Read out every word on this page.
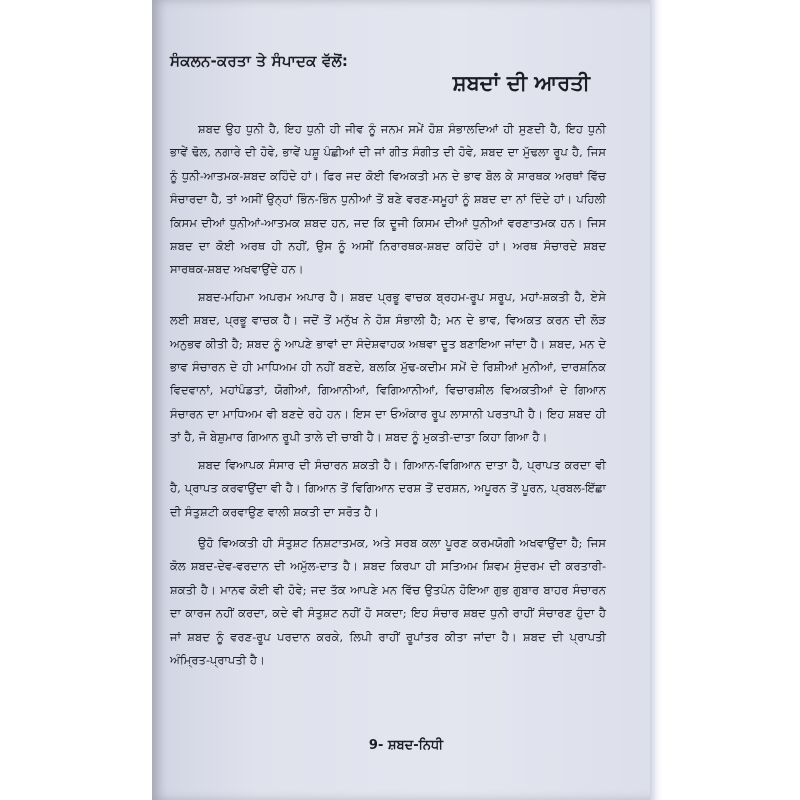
ਸੰਕਲਨ-ਕਰਤਾ ਤੇ ਸੰਪਾਦਕ ਵੱਲੋਂ:
ਸ਼ਬਦਾਂ ਦੀ ਆਰਤੀ

ਸ਼ਬਦ ਉਹ ਧੁਨੀ ਹੈ, ਇਹ ਧੁਨੀ ਹੀ ਜੀਵ ਨੂੰ ਜਨਮ ਸਮੇਂ ਹੋਸ਼ ਸੰਭਾਲਦਿਆਂ ਹੀ ਸੁਣਦੀ ਹੈ, ਇਹ ਧੁਨੀ ਭਾਵੇਂ ਢੋਲ, ਨਗਾਰੇ ਦੀ ਹੋਵੇ, ਭਾਵੇਂ ਪਸ਼ੂ ਪੰਛੀਆਂ ਦੀ ਜਾਂ ਗੀਤ ਸੰਗੀਤ ਦੀ ਹੋਵੇ, ਸ਼ਬਦ ਦਾ ਮੁੱਢਲਾ ਰੂਪ ਹੈ, ਜਿਸ ਨੂੰ ਧੁਨੀ-ਆਤਮਕ-ਸ਼ਬਦ ਕਹਿੰਦੇ ਹਾਂ। ਫਿਰ ਜਦ ਕੋਈ ਵਿਅਕਤੀ ਮਨ ਦੇ ਭਾਵ ਬੋਲ ਕੇ ਸਾਰਥਕ ਅਰਥਾਂ ਵਿੱਚ ਸੰਚਾਰਦਾ ਹੈ, ਤਾਂ ਅਸੀਂ ਉਨ੍ਹਾਂ ਭਿੰਨ-ਭਿੰਨ ਧੁਨੀਆਂ ਤੋਂ ਬਣੇ ਵਰਣ-ਸਮੂਹਾਂ ਨੂੰ ਸ਼ਬਦ ਦਾ ਨਾਂ ਦਿੰਦੇ ਹਾਂ। ਪਹਿਲੀ ਕਿਸਮ ਦੀਆਂ ਧੁਨੀਆਂ-ਆਤਮਕ ਸ਼ਬਦ ਹਨ, ਜਦ ਕਿ ਦੂਜੀ ਕਿਸਮ ਦੀਆਂ ਧੁਨੀਆਂ ਵਰਣਾਤਮਕ ਹਨ। ਜਿਸ ਸ਼ਬਦ ਦਾ ਕੋਈ ਅਰਥ ਹੀ ਨਹੀਂ, ਉਸ ਨੂੰ ਅਸੀਂ ਨਿਰਾਰਥਕ-ਸ਼ਬਦ ਕਹਿੰਦੇ ਹਾਂ। ਅਰਥ ਸੰਚਾਰਦੇ ਸ਼ਬਦ ਸਾਰਥਕ-ਸ਼ਬਦ ਅਖਵਾਉਂਦੇ ਹਨ।

ਸ਼ਬਦ-ਮਹਿਮਾ ਅਪਰਮ ਅਪਾਰ ਹੈ। ਸ਼ਬਦ ਪ੍ਰਭੂ ਵਾਚਕ ਬ੍ਰਹਮ-ਰੂਪ ਸਰੂਪ, ਮਹਾਂ-ਸ਼ਕਤੀ ਹੈ, ਏਸੇ ਲਈ ਸ਼ਬਦ, ਪ੍ਰਭੂ ਵਾਚਕ ਹੈ। ਜਦੋਂ ਤੋਂ ਮਨੁੱਖ ਨੇ ਹੋਸ਼ ਸੰਭਾਲੀ ਹੈ; ਮਨ ਦੇ ਭਾਵ, ਵਿਅਕਤ ਕਰਨ ਦੀ ਲੋੜ ਅਨੁਭਵ ਕੀਤੀ ਹੈ; ਸ਼ਬਦ ਨੂੰ ਆਪਣੇ ਭਾਵਾਂ ਦਾ ਸੰਦੇਸ਼ਵਾਹਕ ਅਥਵਾ ਦੂਤ ਬਣਾਇਆ ਜਾਂਦਾ ਹੈ। ਸ਼ਬਦ, ਮਨ ਦੇ ਭਾਵ ਸੰਚਾਰਨ ਦੇ ਹੀ ਮਾਧਿਅਮ ਹੀ ਨਹੀਂ ਬਣਦੇ, ਬਲਕਿ ਮੁੱਢ-ਕਦੀਮ ਸਮੇਂ ਦੇ ਰਿਸ਼ੀਆਂ ਮੁਨੀਆਂ, ਦਾਰਸ਼ਨਿਕ ਵਿਦਵਾਨਾਂ, ਮਹਾਂਪੰਡਤਾਂ, ਯੋਗੀਆਂ, ਗਿਆਨੀਆਂ, ਵਿਗਿਆਨੀਆਂ, ਵਿਚਾਰਸ਼ੀਲ ਵਿਅਕਤੀਆਂ ਦੇ ਗਿਆਨ ਸੰਚਾਰਨ ਦਾ ਮਾਧਿਅਮ ਵੀ ਬਣਦੇ ਰਹੇ ਹਨ। ਇਸ ਦਾ ਓਅੰਕਾਰ ਰੂਪ ਲਾਸਾਨੀ ਪਰਤਾਪੀ ਹੈ। ਇਹ ਸ਼ਬਦ ਹੀ ਤਾਂ ਹੈ, ਜੋ ਬੇਸ਼ੁਮਾਰ ਗਿਆਨ ਰੂਪੀ ਤਾਲੇ ਦੀ ਚਾਬੀ ਹੈ। ਸ਼ਬਦ ਨੂੰ ਮੁਕਤੀ-ਦਾਤਾ ਕਿਹਾ ਗਿਆ ਹੈ।

ਸ਼ਬਦ ਵਿਆਪਕ ਸੰਸਾਰ ਦੀ ਸੰਚਾਰਨ ਸ਼ਕਤੀ ਹੈ। ਗਿਆਨ-ਵਿਗਿਆਨ ਦਾਤਾ ਹੈ, ਪ੍ਰਾਪਤ ਕਰਦਾ ਵੀ ਹੈ, ਪ੍ਰਾਪਤ ਕਰਵਾਉਂਦਾ ਵੀ ਹੈ। ਗਿਆਨ ਤੋਂ ਵਿਗਿਆਨ ਦਰਸ਼ ਤੋਂ ਦਰਸ਼ਨ, ਅਪੂਰਨ ਤੋਂ ਪੂਰਨ, ਪ੍ਰਬਲ-ਇੱਛਾ ਦੀ ਸੰਤੁਸ਼ਟੀ ਕਰਵਾਉਣ ਵਾਲੀ ਸ਼ਕਤੀ ਦਾ ਸਰੋਤ ਹੈ।

ਉਹੋ ਵਿਅਕਤੀ ਹੀ ਸੰਤੁਸ਼ਟ ਨਿਸ਼ਟਾਤਮਕ, ਅਤੇ ਸਰਬ ਕਲਾ ਪੂਰਣ ਕਰਮਯੋਗੀ ਅਖਵਾਉਂਦਾ ਹੈ; ਜਿਸ ਕੋਲ ਸ਼ਬਦ-ਦੇਵ-ਵਰਦਾਨ ਦੀ ਅਮੁੱਲ-ਦਾਤ ਹੈ। ਸ਼ਬਦ ਕਿਰਪਾ ਹੀ ਸਤਿਅਮ ਸ਼ਿਵਮ ਸੁੰਦਰਮ ਦੀ ਕਰਤਾਰੀ-ਸ਼ਕਤੀ ਹੈ। ਮਾਨਵ ਕੋਈ ਵੀ ਹੋਵੇ; ਜਦ ਤੱਕ ਆਪਣੇ ਮਨ ਵਿੱਚ ਉਤਪੰਨ ਹੋਇਆ ਗੁਭ ਗੁਬਾਰ ਬਾਹਰ ਸੰਚਾਰਨ ਦਾ ਕਾਰਜ ਨਹੀਂ ਕਰਦਾ, ਕਦੇ ਵੀ ਸੰਤੁਸ਼ਟ ਨਹੀਂ ਹੋ ਸਕਦਾ; ਇਹ ਸੰਚਾਰ ਸ਼ਬਦ ਧੁਨੀ ਰਾਹੀਂ ਸੰਚਾਰਣ ਹੁੰਦਾ ਹੈ ਜਾਂ ਸ਼ਬਦ ਨੂੰ ਵਰਣ-ਰੂਪ ਪਰਦਾਨ ਕਰਕੇ, ਲਿਪੀ ਰਾਹੀਂ ਰੂਪਾਂਤਰ ਕੀਤਾ ਜਾਂਦਾ ਹੈ। ਸ਼ਬਦ ਦੀ ਪ੍ਰਾਪਤੀ ਅੰਮ੍ਰਿਤ-ਪ੍ਰਾਪਤੀ ਹੈ।

9- ਸ਼ਬਦ-ਨਿਧੀ
